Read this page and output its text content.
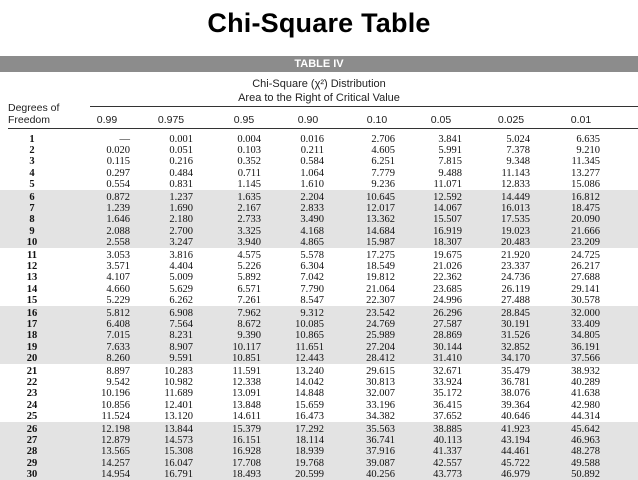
Chi-Square Table
TABLE IV
Chi-Square (χ²) Distribution
Area to the Right of Critical Value
Degrees of
Freedom	0.99	0.975	0.95	0.90	0.10	0.05	0.025	0.01
1	—	0.001	0.004	0.016	2.706	3.841	5.024	6.635
2	0.020	0.051	0.103	0.211	4.605	5.991	7.378	9.210
3	0.115	0.216	0.352	0.584	6.251	7.815	9.348	11.345
4	0.297	0.484	0.711	1.064	7.779	9.488	11.143	13.277
5	0.554	0.831	1.145	1.610	9.236	11.071	12.833	15.086
6	0.872	1.237	1.635	2.204	10.645	12.592	14.449	16.812
7	1.239	1.690	2.167	2.833	12.017	14.067	16.013	18.475
8	1.646	2.180	2.733	3.490	13.362	15.507	17.535	20.090
9	2.088	2.700	3.325	4.168	14.684	16.919	19.023	21.666
10	2.558	3.247	3.940	4.865	15.987	18.307	20.483	23.209
11	3.053	3.816	4.575	5.578	17.275	19.675	21.920	24.725
12	3.571	4.404	5.226	6.304	18.549	21.026	23.337	26.217
13	4.107	5.009	5.892	7.042	19.812	22.362	24.736	27.688
14	4.660	5.629	6.571	7.790	21.064	23.685	26.119	29.141
15	5.229	6.262	7.261	8.547	22.307	24.996	27.488	30.578
16	5.812	6.908	7.962	9.312	23.542	26.296	28.845	32.000
17	6.408	7.564	8.672	10.085	24.769	27.587	30.191	33.409
18	7.015	8.231	9.390	10.865	25.989	28.869	31.526	34.805
19	7.633	8.907	10.117	11.651	27.204	30.144	32.852	36.191
20	8.260	9.591	10.851	12.443	28.412	31.410	34.170	37.566
21	8.897	10.283	11.591	13.240	29.615	32.671	35.479	38.932
22	9.542	10.982	12.338	14.042	30.813	33.924	36.781	40.289
23	10.196	11.689	13.091	14.848	32.007	35.172	38.076	41.638
24	10.856	12.401	13.848	15.659	33.196	36.415	39.364	42.980
25	11.524	13.120	14.611	16.473	34.382	37.652	40.646	44.314
26	12.198	13.844	15.379	17.292	35.563	38.885	41.923	45.642
27	12.879	14.573	16.151	18.114	36.741	40.113	43.194	46.963
28	13.565	15.308	16.928	18.939	37.916	41.337	44.461	48.278
29	14.257	16.047	17.708	19.768	39.087	42.557	45.722	49.588
30	14.954	16.791	18.493	20.599	40.256	43.773	46.979	50.892
